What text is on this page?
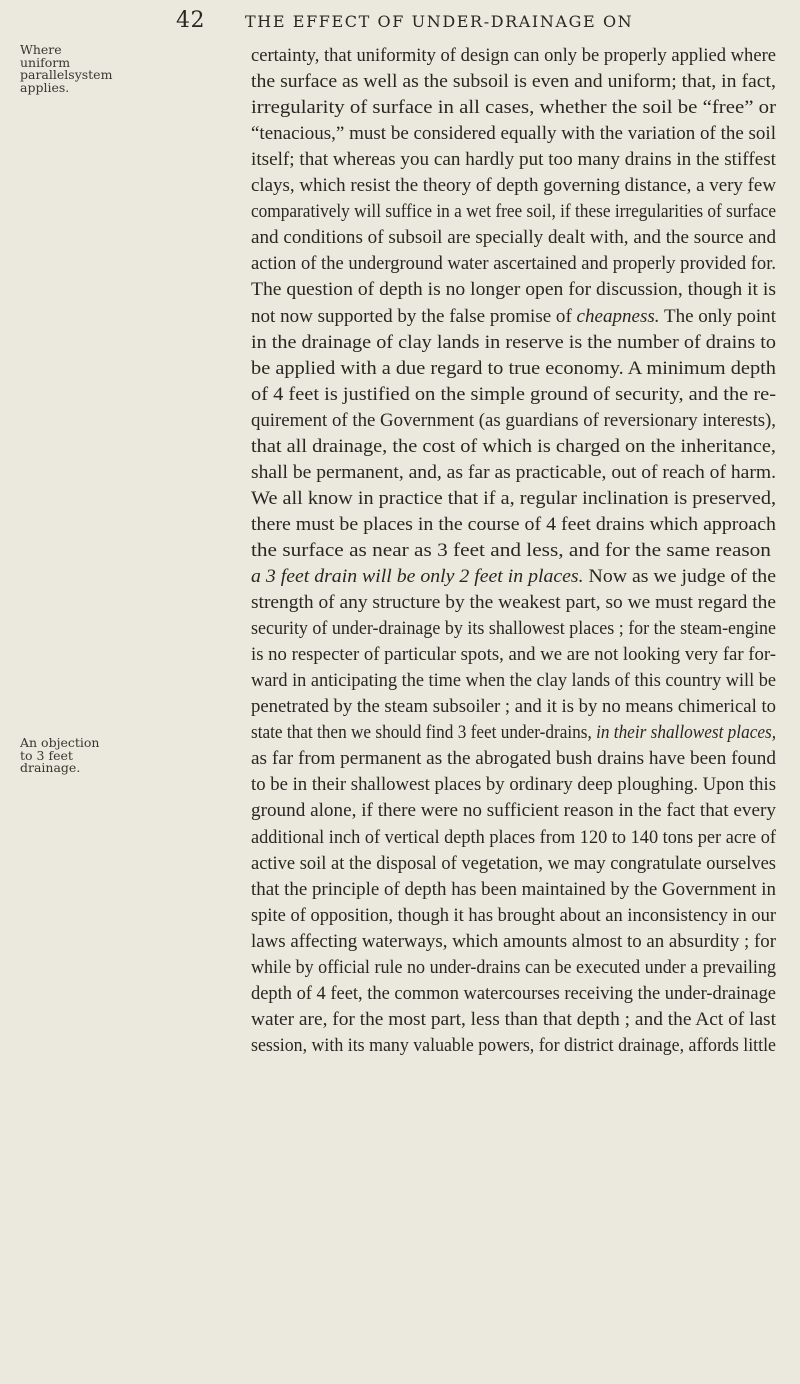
42	THE EFFECT OF UNDER-DRAINAGE ON
Where
uniform
parallelsystem
applies.
An objection
to 3 feet
drainage.
certainty, that uniformity of design can only be properly applied where
the surface as well as the subsoil is even and uniform; that, in fact,
irregularity of surface in all cases, whether the soil be “free” or
“tenacious,” must be considered equally with the variation of the soil
itself; that whereas you can hardly put too many drains in the stiffest
clays, which resist the theory of depth governing distance, a very few
comparatively will suffice in a wet free soil, if these irregularities of surface
and conditions of subsoil are specially dealt with, and the source and
action of the underground water ascertained and properly provided for.
The question of depth is no longer open for discussion, though it is
not now supported by the false promise of cheapness. The only point
in the drainage of clay lands in reserve is the number of drains to
be applied with a due regard to true economy. A minimum depth
of 4 feet is justified on the simple ground of security, and the re-
quirement of the Government (as guardians of reversionary interests),
that all drainage, the cost of which is charged on the inheritance,
shall be permanent, and, as far as practicable, out of reach of harm.
We all know in practice that if a, regular inclination is preserved,
there must be places in the course of 4 feet drains which approach
the surface as near as 3 feet and less, and for the same reason
a 3 feet drain will be only 2 feet in places. Now as we judge of the
strength of any structure by the weakest part, so we must regard the
security of under-drainage by its shallowest places ; for the steam-engine
is no respecter of particular spots, and we are not looking very far for-
ward in anticipating the time when the clay lands of this country will be
penetrated by the steam subsoiler ; and it is by no means chimerical to
state that then we should find 3 feet under-drains, in their shallowest places,
as far from permanent as the abrogated bush drains have been found
to be in their shallowest places by ordinary deep ploughing. Upon this
ground alone, if there were no sufficient reason in the fact that every
additional inch of vertical depth places from 120 to 140 tons per acre of
active soil at the disposal of vegetation, we may congratulate ourselves
that the principle of depth has been maintained by the Government in
spite of opposition, though it has brought about an inconsistency in our
laws affecting waterways, which amounts almost to an absurdity ; for
while by official rule no under-drains can be executed under a prevailing
depth of 4 feet, the common watercourses receiving the under-drainage
water are, for the most part, less than that depth ; and the Act of last
session, with its many valuable powers, for district drainage, affords little
